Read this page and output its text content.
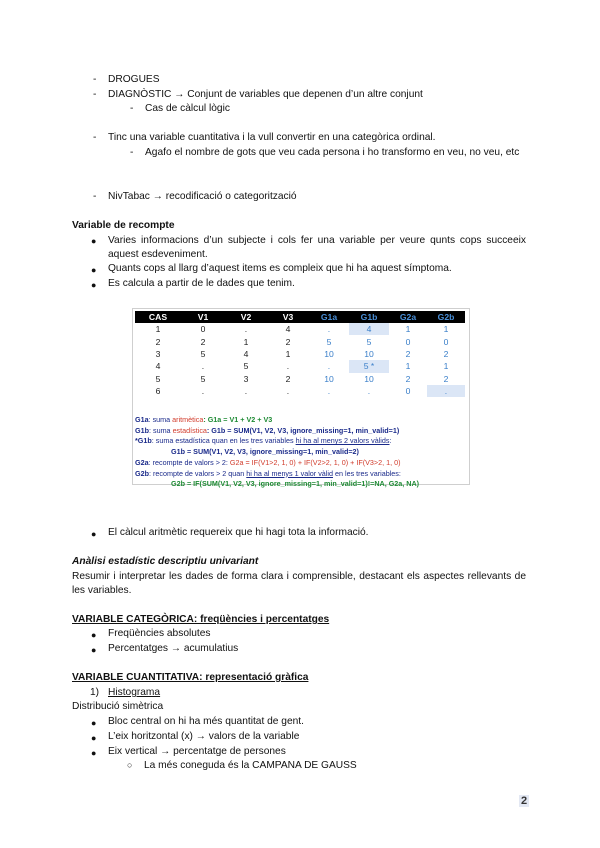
- DROGUES
- DIAGNÒSTIC → Conjunt de variables que depenen d’un altre conjunt
- Cas de càlcul lògic
- Tinc una variable cuantitativa i la vull convertir en una categòrica ordinal.
- Agafo el nombre de gots que veu cada persona i ho transformo en veu, no veu, etc
- NivTabac → recodificació o categorització
Variable de recompte
● Varies informacions d’un subjecte i cols fer una variable per veure qunts cops succeeix aquest esdeveniment.
● Quants cops al llarg d’aquest items es compleix que hi ha aquest símptoma.
● Es calcula a partir de le dades que tenim.
CAS	V1	V2	V3	G1a	G1b	G2a	G2b
1	0	.	4	.	4	1	1
2	2	1	2	5	5	0	0
3	5	4	1	10	10	2	2
4	.	5	.	.	5 *	1	1
5	5	3	2	10	10	2	2
6	.	.	.	.	.	0	.
G1a: suma aritmètica: G1a = V1 + V2 + V3
G1b: suma estadística: G1b = SUM(V1, V2, V3, ignore_missing=1, min_valid=1)
*G1b: suma estadística quan en les tres variables hi ha al menys 2 valors vàlids:
G1b = SUM(V1, V2, V3, ignore_missing=1, min_valid=2)
G2a: recompte de valors > 2: G2a = IF(V1>2, 1, 0) + IF(V2>2, 1, 0) + IF(V3>2, 1, 0)
G2b: recompte de valors > 2 quan hi ha al menys 1 valor vàlid en les tres variables:
G2b = IF(SUM(V1, V2, V3, ignore_missing=1, min_valid=1)!=NA, G2a, NA)
● El càlcul aritmètic requereix que hi hagi tota la informació.
Anàlisi estadístic descriptiu univariant
Resumir i interpretar les dades de forma clara i comprensible, destacant els aspectes rellevants de les variables.
VARIABLE CATEGÒRICA: freqüències i percentatges
● Freqüències absolutes
● Percentatges → acumulatius
VARIABLE CUANTITATIVA: representació gràfica
1) Histograma
Distribució simètrica
● Bloc central on hi ha més quantitat de gent.
● L’eix horitzontal (x) → valors de la variable
● Eix vertical → percentatge de persones
○ La més coneguda és la CAMPANA DE GAUSS
2
